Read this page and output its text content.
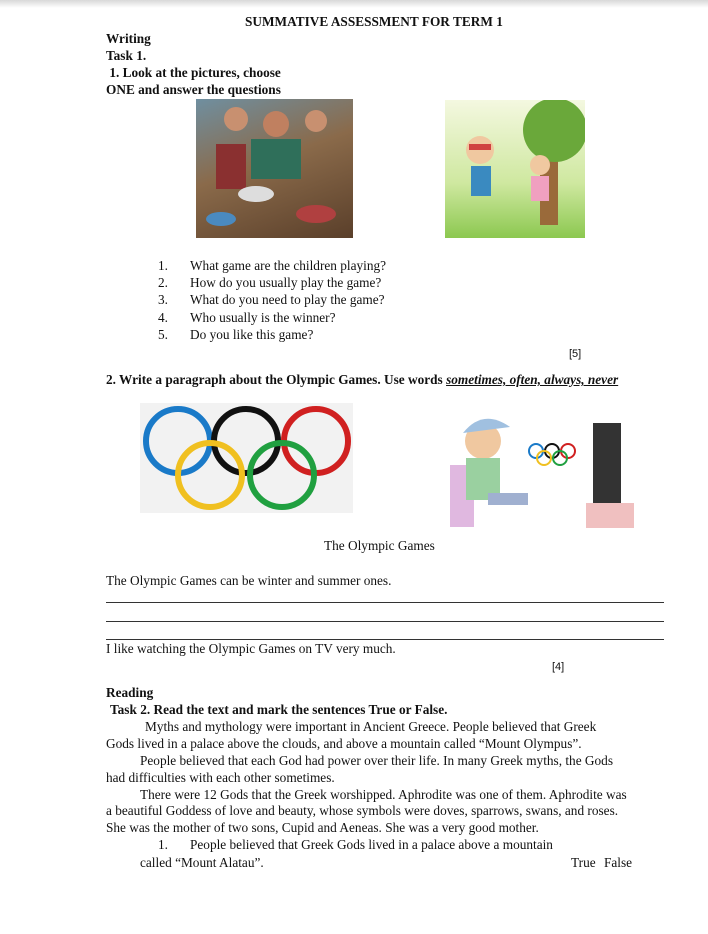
SUMMATIVE ASSESSMENT FOR TERM 1
Writing
Task 1.
1. Look at the pictures, choose
ONE and answer the questions
1. What game are the children playing?
2. How do you usually play the game?
3. What do you need to play the game?
4. Who usually is the winner?
5. Do you like this game?
[5]
2. Write a paragraph about the Olympic Games. Use words sometimes, often, always, never
The Olympic Games
The Olympic Games can be winter and summer ones.
I like watching the Olympic Games on TV very much.
[4]
Reading
Task 2. Read the text and mark the sentences True or False.
Myths and mythology were important in Ancient Greece. People believed that Greek
Gods lived in a palace above the clouds, and above a mountain called “Mount Olympus”.
People believed that each God had power over their life. In many Greek myths, the Gods
had difficulties with each other sometimes.
There were 12 Gods that the Greek worshipped. Aphrodite was one of them. Aphrodite was
a beautiful Goddess of love and beauty, whose symbols were doves, sparrows, swans, and roses.
She was the mother of two sons, Cupid and Aeneas. She was a very good mother.
1. People believed that Greek Gods lived in a palace above a mountain
called “Mount Alatau”.	True False
